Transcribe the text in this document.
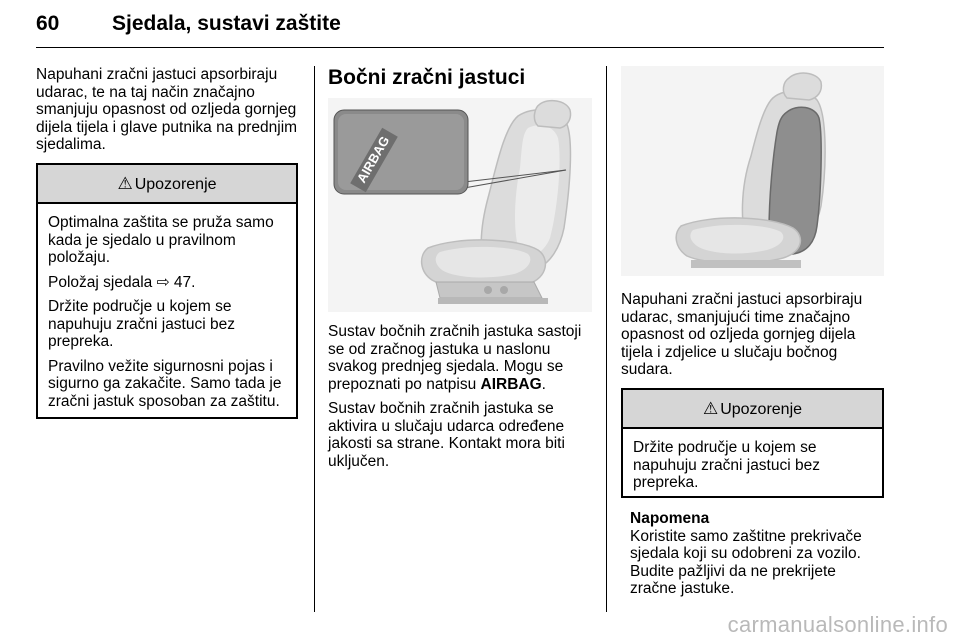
60	Sjedala, sustavi zaštite
Napuhani zračni jastuci apsorbiraju udarac, te na taj način značajno smanjuju opasnost od ozljeda gornjeg dijela tijela i glave putnika na prednjim sjedalima.
⚠ Upozorenje

Optimalna zaštita se pruža samo kada je sjedalo u pravilnom položaju.

Položaj sjedala ⇨ 47.

Držite područje u kojem se napuhuju zračni jastuci bez prepreka.

Pravilno vežite sigurnosni pojas i sigurno ga zakačite. Samo tada je zračni jastuk sposoban za zaštitu.

Bočni zračni jastuci
AIRBAG

Sustav bočnih zračnih jastuka sastoji se od zračnog jastuka u naslonu svakog prednjeg sjedala. Mogu se prepoznati po natpisu AIRBAG.

Sustav bočnih zračnih jastuka se aktivira u slučaju udarca određene jakosti sa strane. Kontakt mora biti uključen.

Napuhani zračni jastuci apsorbiraju udarac, smanjujući time značajno opasnost od ozljeda gornjeg dijela tijela i zdjelice u slučaju bočnog sudara.
⚠ Upozorenje

Držite područje u kojem se napuhuju zračni jastuci bez prepreka.

Napomena
Koristite samo zaštitne prekrivače sjedala koji su odobreni za vozilo. Budite pažljivi da ne prekrijete zračne jastuke.
carmanualsonline.info
